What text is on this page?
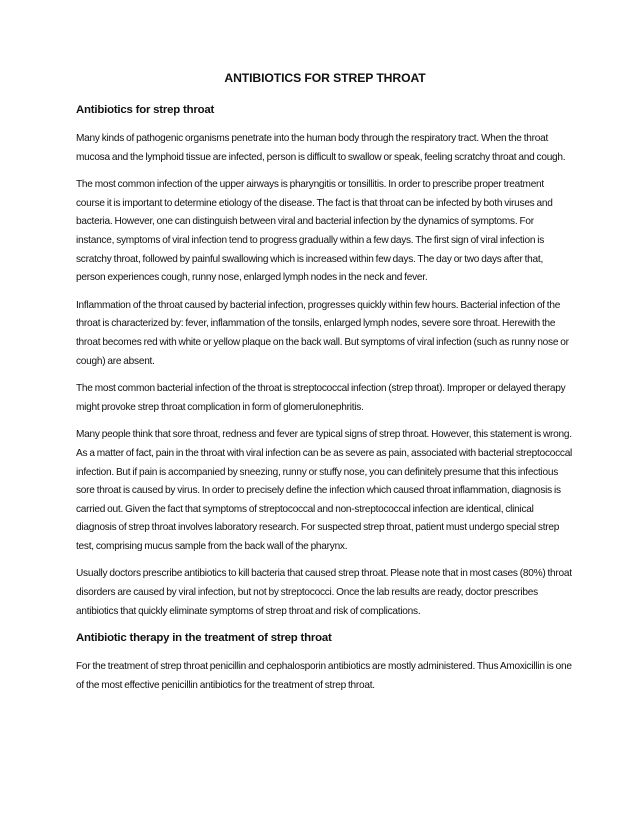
ANTIBIOTICS FOR STREP THROAT
Antibiotics for strep throat

Many kinds of pathogenic organisms penetrate into the human body through the respiratory tract. When the throat mucosa and the lymphoid tissue are infected, person is difficult to swallow or speak, feeling scratchy throat and cough.

The most common infection of the upper airways is pharyngitis or tonsillitis. In order to prescribe proper treatment course it is important to determine etiology of the disease. The fact is that throat can be infected by both viruses and bacteria. However, one can distinguish between viral and bacterial infection by the dynamics of symptoms. For instance, symptoms of viral infection tend to progress gradually within a few days. The first sign of viral infection is scratchy throat, followed by painful swallowing which is increased within few days. The day or two days after that, person experiences cough, runny nose, enlarged lymph nodes in the neck and fever.

Inflammation of the throat caused by bacterial infection, progresses quickly within few hours. Bacterial infection of the throat is characterized by: fever, inflammation of the tonsils, enlarged lymph nodes, severe sore throat. Herewith the throat becomes red with white or yellow plaque on the back wall. But symptoms of viral infection (such as runny nose or cough) are absent.

The most common bacterial infection of the throat is streptococcal infection (strep throat). Improper or delayed therapy might provoke strep throat complication in form of glomerulonephritis.

Many people think that sore throat, redness and fever are typical signs of strep throat. However, this statement is wrong. As a matter of fact, pain in the throat with viral infection can be as severe as pain, associated with bacterial streptococcal infection. But if pain is accompanied by sneezing, runny or stuffy nose, you can definitely presume that this infectious sore throat is caused by virus. In order to precisely define the infection which caused throat inflammation, diagnosis is carried out. Given the fact that symptoms of streptococcal and non-streptococcal infection are identical, clinical diagnosis of strep throat involves laboratory research. For suspected strep throat, patient must undergo special strep test, comprising mucus sample from the back wall of the pharynx.

Usually doctors prescribe antibiotics to kill bacteria that caused strep throat. Please note that in most cases (80%) throat disorders are caused by viral infection, but not by streptococci. Once the lab results are ready, doctor prescribes antibiotics that quickly eliminate symptoms of strep throat and risk of complications.

Antibiotic therapy in the treatment of strep throat

For the treatment of strep throat penicillin and cephalosporin antibiotics are mostly administered. Thus Amoxicillin is one of the most effective penicillin antibiotics for the treatment of strep throat.
